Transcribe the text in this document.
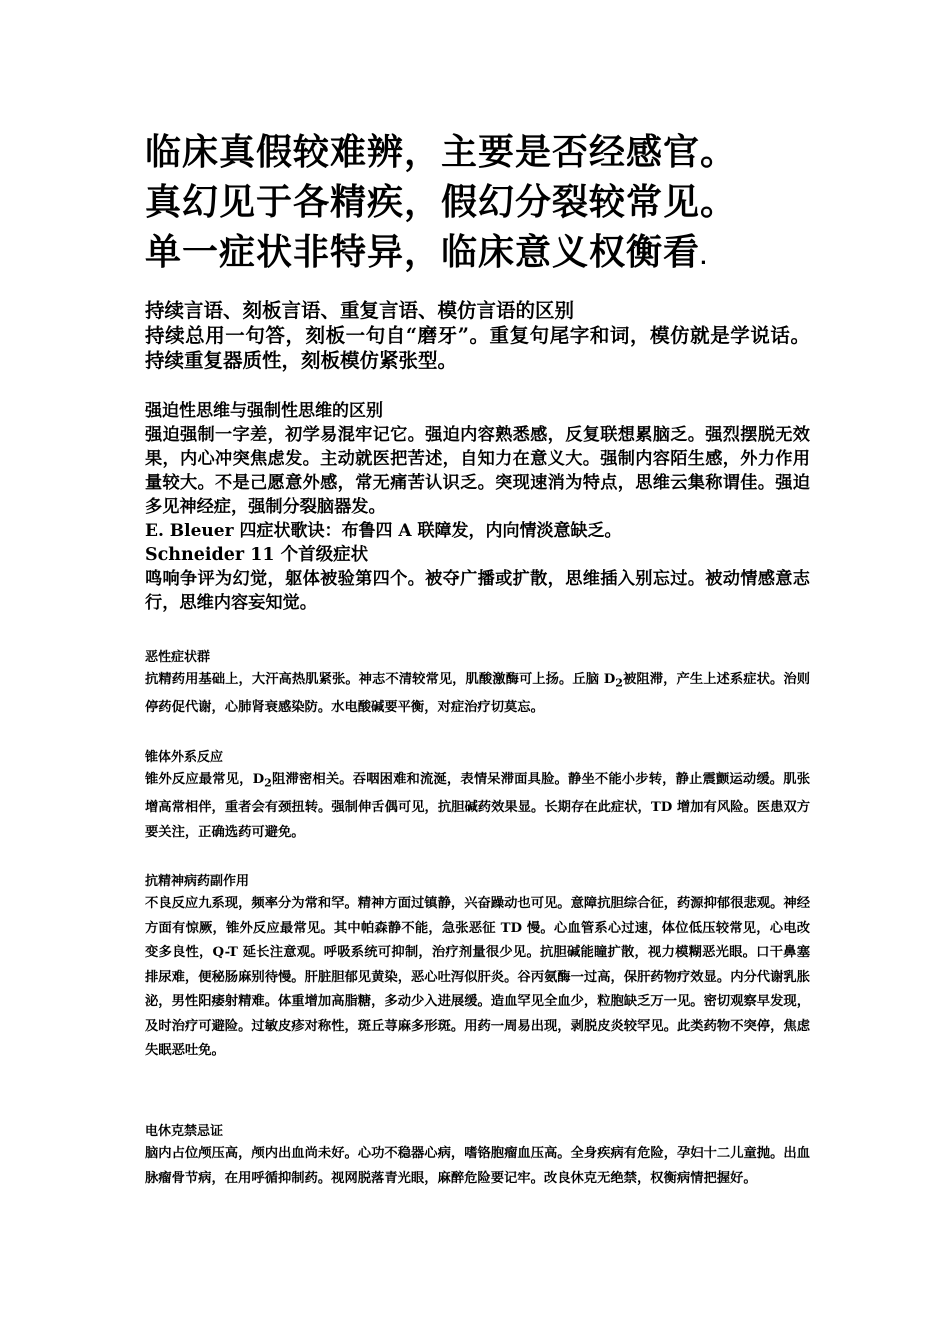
临床真假较难辨，主要是否经感官。
真幻见于各精疾，假幻分裂较常见。
单一症状非特异，临床意义权衡看.
持续言语、刻板言语、重复言语、模仿言语的区别
持续总用一句答，刻板一句自“磨牙”。重复句尾字和词，模仿就是学说话。持续重复器质性，刻板模仿紧张型。
强迫性思维与强制性思维的区别
强迫强制一字差，初学易混牢记它。强迫内容熟悉感，反复联想累脑乏。强烈摆脱无效果，内心冲突焦虑发。主动就医把苦述，自知力在意义大。强制内容陌生感，外力作用量较大。不是己愿意外感，常无痛苦认识乏。突现速消为特点，思维云集称谓佳。强迫多见神经症，强制分裂脑器发。
E. Bleuer 四症状歌诀：布鲁四 A 联障发，内向情淡意缺乏。
Schneider 11 个首级症状
鸣响争评为幻觉，躯体被验第四个。被夺广播或扩散，思维插入别忘过。被动情感意志行，思维内容妄知觉。
恶性症状群
抗精药用基础上，大汗高热肌紧张。神志不清较常见，肌酸激酶可上扬。丘脑 $D_2$被阻滞，产生上述系症状。治则停药促代谢，心肺肾衰感染防。水电酸碱要平衡，对症治疗切莫忘。
锥体外系反应
锥外反应最常见，$D_2$阻滞密相关。吞咽困难和流涎，表情呆滞面具脸。静坐不能小步转，静止震颤运动缓。肌张增高常相伴，重者会有颈扭转。强制伸舌偶可见，抗胆碱药效果显。长期存在此症状，TD 增加有风险。医患双方要关注，正确选药可避免。
抗精神病药副作用
不良反应九系现，频率分为常和罕。精神方面过镇静，兴奋躁动也可见。意障抗胆综合征，药源抑郁很悲观。神经方面有惊厥，锥外反应最常见。其中帕森静不能，急张恶征 TD 慢。心血管系心过速，体位低压较常见，心电改变多良性，Q-T 延长注意观。呼吸系统可抑制，治疗剂量很少见。抗胆碱能瞳扩散，视力模糊恶光眼。口干鼻塞排尿难，便秘肠麻别待慢。肝脏胆郁见黄染，恶心吐泻似肝炎。谷丙氨酶一过高，保肝药物疗效显。内分代谢乳胀泌，男性阳痿射精难。体重增加高脂糖，多动少入进展缓。造血罕见全血少，粒胞缺乏万一见。密切观察早发现，及时治疗可避险。过敏皮疹对称性，斑丘荨麻多形斑。用药一周易出现，剥脱皮炎较罕见。此类药物不突停，焦虑失眠恶吐免。
电休克禁忌证
脑内占位颅压高，颅内出血尚未好。心功不稳器心病，嗜铬胞瘤血压高。全身疾病有危险，孕妇十二儿童抛。出血脉瘤骨节病，在用呼循抑制药。视网脱落青光眼，麻醉危险要记牢。改良休克无绝禁，权衡病情把握好。
